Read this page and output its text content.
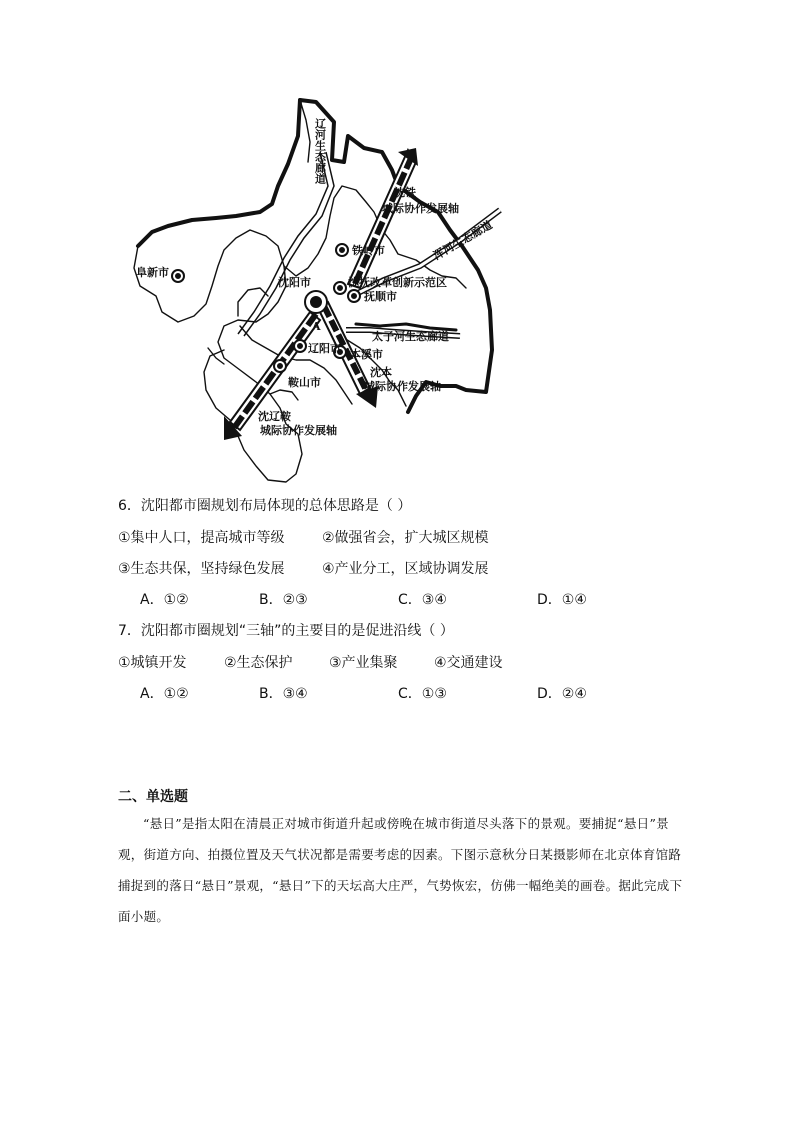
辽河生态廊道
阜新市
沈铁
城际协作发展轴
浑河生态廊道
铁岭市
沈阳市	沈抚改革创新示范区
抚顺市
太子河生态廊道
A
辽阳市 本溪市
鞍山市
沈本
城际协作发展轴
沈辽鞍
城际协作发展轴
6．沈阳都市圈规划布局体现的总体思路是（ ）
①集中人口，提高城市等级	②做强省会，扩大城区规模
③生态共保，坚持绿色发展	④产业分工，区域协调发展
A．①②	B．②③	C．③④	D．①④
7．沈阳都市圈规划“三轴”的主要目的是促进沿线（ ）
①城镇开发	②生态保护	③产业集聚	④交通建设
A．①②	B．③④	C．①③	D．②④
二、单选题
“悬日”是指太阳在清晨正对城市街道升起或傍晚在城市街道尽头落下的景观。要捕捉“悬日”景观，街道方向、拍摄位置及天气状况都是需要考虑的因素。下图示意秋分日某摄影师在北京体育馆路捕捉到的落日“悬日”景观，“悬日”下的天坛高大庄严，气势恢宏，仿佛一幅绝美的画卷。据此完成下面小题。
